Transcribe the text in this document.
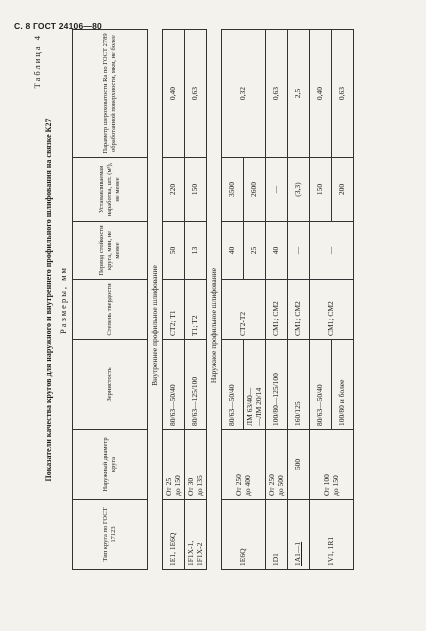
С. 8 ГОСТ 24106—80
Таблица 4
Показатели качества кругов для наружного и внутреннего профильного шлифования на связке К27 Размеры, мм
Тип круга по ГОСТ 17123	Наружный диаметр круга	Зернистость	Степень твердости	Период стойкости круга, мин, не менее	Устанавливаемая наработка, шт. (м³), не менее	Параметр шероховатости Ra по ГОСТ 2789 обработанной поверхности, мкм, не более
		Внутреннее профильное шлифование				
1Е1, 1Е6Q	От 25
до 150	80/63—50/40	СТ2; Т1	50	220	0,40
1F1X-1,
1F1X-2	От 30
до 135	80/63—125/100	Т1; Т2	13	150	0,63
		Наружное профильное шлифование				
1Е6Q	От 250
до 400	80/63—50/40	СТ2-Т2	40	3500	0,32
		ЛМ 63/40—
—ЛМ 20/14		25	2600	
1D1	От 250
до 500	100/80—125/100	СМ1; СМ2	40	—	0,63
1А1—1	500	160/125	СМ1; СМ2	—	(3,3)	2,5
1V1, 1R1	От 100
до 150	80/63—50/40	СМ1; СМ2	—	150	0,40
		100/80 и более			200	0,63
